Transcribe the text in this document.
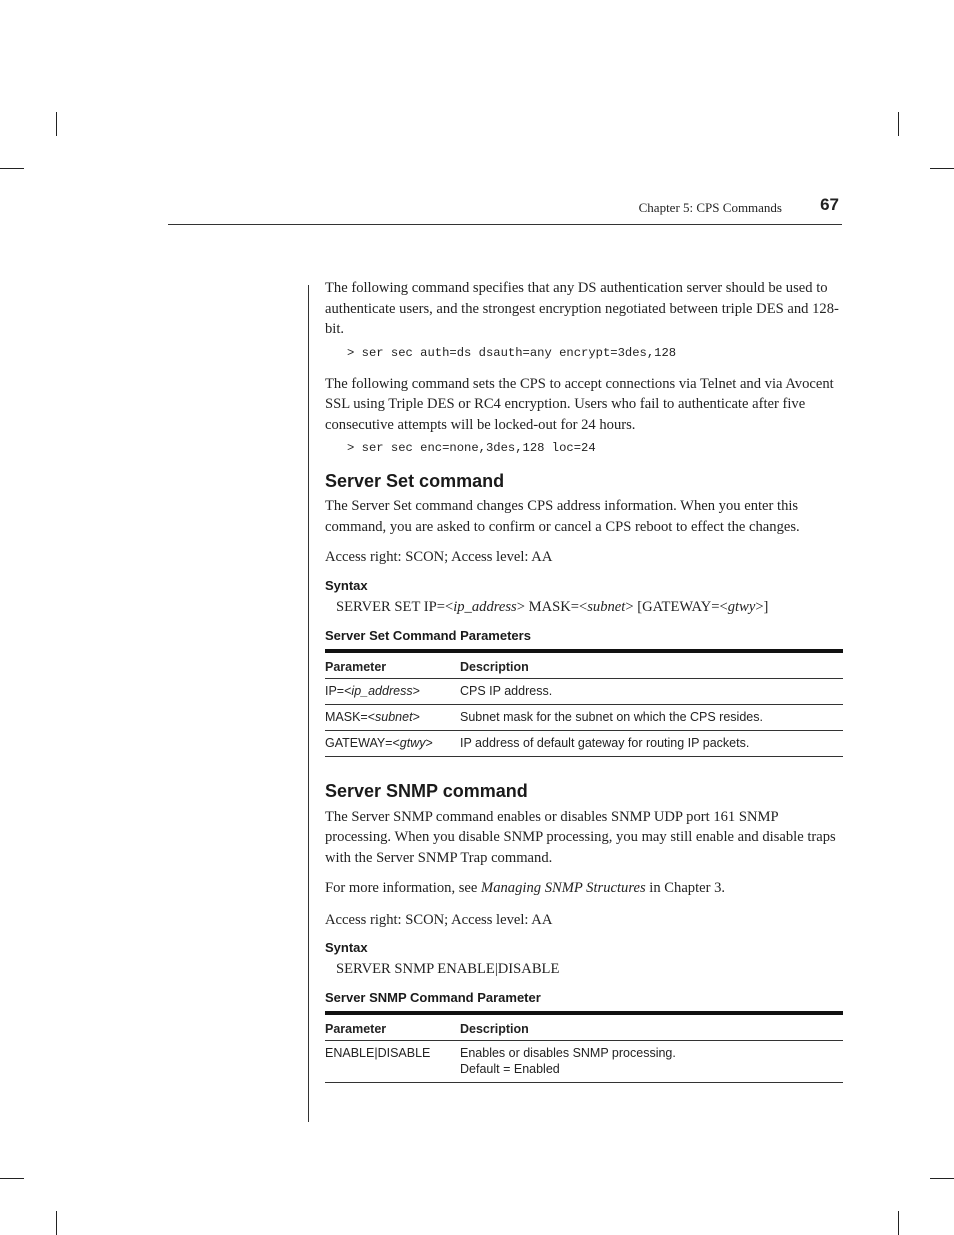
Chapter 5: CPS Commands 67

The following command specifies that any DS authentication server should be used to authenticate users, and the strongest encryption negotiated between triple DES and 128-bit.

> ser sec auth=ds dsauth=any encrypt=3des,128

The following command sets the CPS to accept connections via Telnet and via Avocent SSL using Triple DES or RC4 encryption. Users who fail to authenticate after five consecutive attempts will be locked-out for 24 hours.

> ser sec enc=none,3des,128 loc=24

Server Set command

The Server Set command changes CPS address information. When you enter this command, you are asked to confirm or cancel a CPS reboot to effect the changes.

Access right: SCON; Access level: AA

Syntax

SERVER SET IP=<ip_address> MASK=<subnet> [GATEWAY=<gtwy>]

Server Set Command Parameters
Parameter	Description
IP=<ip_address>	CPS IP address.
MASK=<subnet>	Subnet mask for the subnet on which the CPS resides.
GATEWAY=<gtwy>	IP address of default gateway for routing IP packets.
Server SNMP command

The Server SNMP command enables or disables SNMP UDP port 161 SNMP processing. When you disable SNMP processing, you may still enable and disable traps with the Server SNMP Trap command.

For more information, see Managing SNMP Structures in Chapter 3.

Access right: SCON; Access level: AA

Syntax

SERVER SNMP ENABLE|DISABLE

Server SNMP Command Parameter
Parameter	Description
ENABLE|DISABLE	Enables or disables SNMP processing.
Default = Enabled
